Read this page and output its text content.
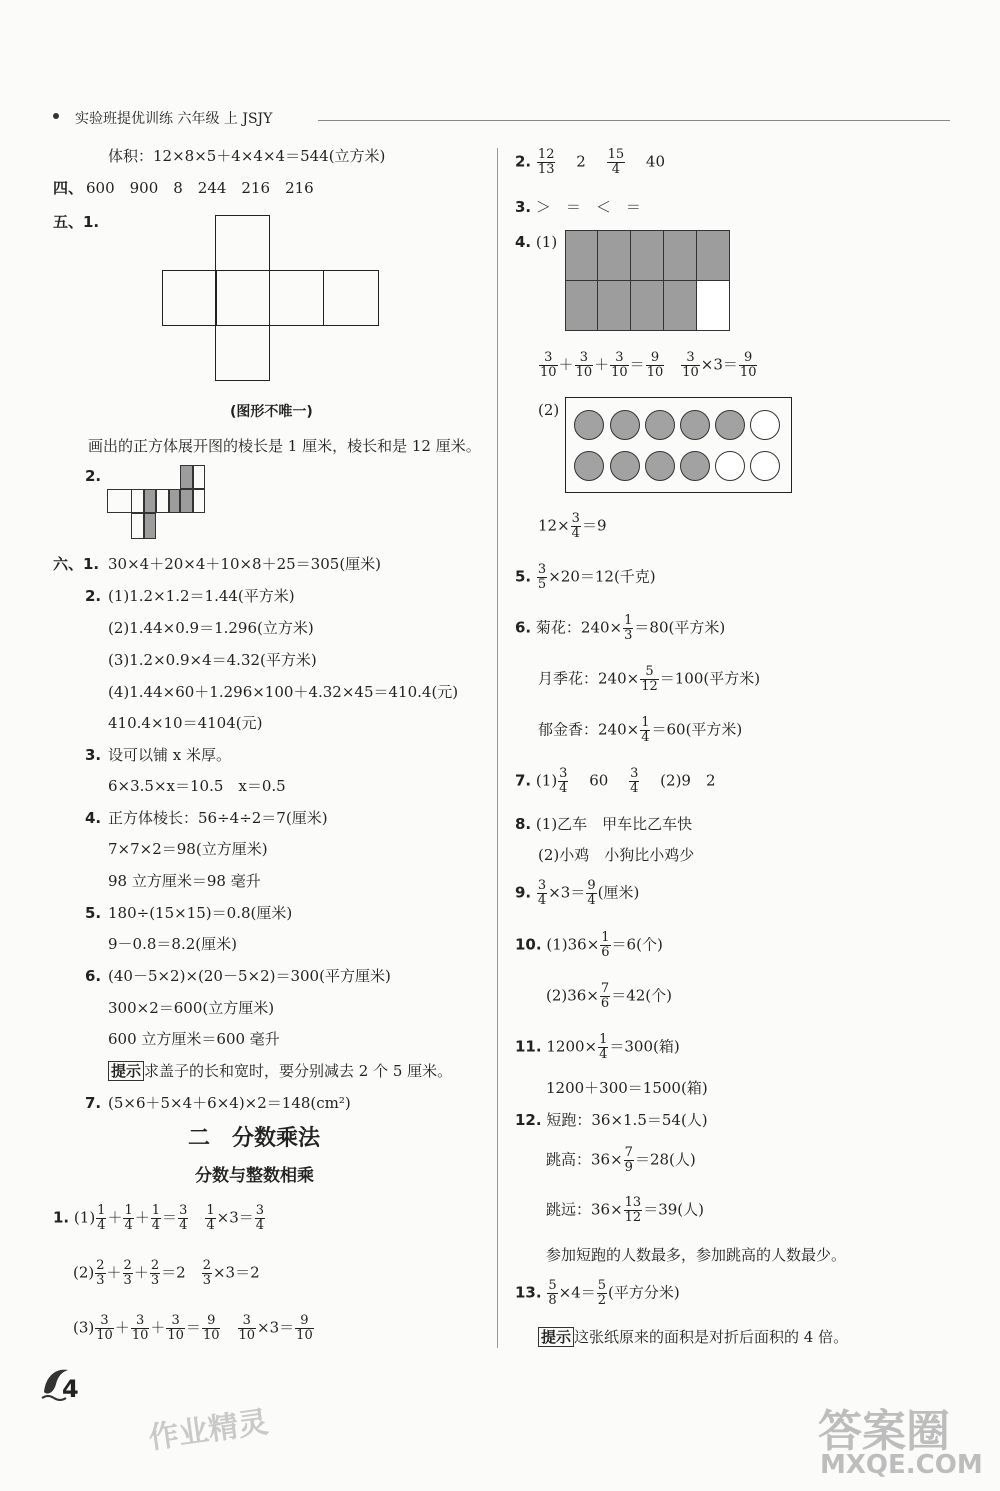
实验班提优训练 六年级 上 JSJY
体积：12×8×5＋4×4×4＝544(立方米)
四、 600　900　8　244　216　216
五、1.
(图形不唯一)
画出的正方体展开图的棱长是 1 厘米，棱长和是 12 厘米。
2.
六、1. 30×4＋20×4＋10×8＋25＝305(厘米)
2. (1)1.2×1.2＝1.44(平方米)
(2)1.44×0.9＝1.296(立方米)
(3)1.2×0.9×4＝4.32(平方米)
(4)1.44×60＋1.296×100＋4.32×45＝410.4(元)
410.4×10＝4104(元)
3. 设可以铺 x 米厚。
6×3.5×x＝10.5　x＝0.5
4. 正方体棱长：56÷4÷2＝7(厘米)
7×7×2＝98(立方厘米)
98 立方厘米＝98 毫升
5. 180÷(15×15)＝0.8(厘米)
9－0.8＝8.2(厘米)
6. (40－5×2)×(20－5×2)＝300(平方厘米)
300×2＝600(立方厘米)
600 立方厘米＝600 毫升
提示 求盖子的长和宽时，要分别减去 2 个 5 厘米。
7. (5×6＋5×4＋6×4)×2＝148(cm²)
二　分数乘法
分数与整数相乘
1. $(1) \frac{1}{4} + \frac{1}{4} + \frac{1}{4} = \frac{3}{4}$
　 $\frac{1}{4} \times 3= \frac{3}{4}$
$(2) \frac{2}{3} + \frac{2}{3} + \frac{2}{3} =2$　 $\frac{2}{3} \times 3=2$
$(3) \frac{3}{10} + \frac{3}{10} + \frac{3}{10} = \frac{9}{10}$
　 $\frac{3}{10} \times 3= \frac{9}{10}$
4
作业精灵
2. $\frac{12}{13}$
　 2　 $\frac{15}{4}$
　 40
3. ＞　＝　＜　＝
4. (1)
$\frac{3}{10} + \frac{3}{10} + \frac{3}{10} = \frac{9}{10}$
　 $\frac{3}{10} \times 3= \frac{9}{10}$
(2)
$12\times \frac{3}{4} =9$
5. $\frac{3}{5} \times 20=12$(千克)
6. 菊花：$240\times \frac{1}{3} =80$(平方米)
月季花：$240\times \frac{5}{12} =100$(平方米)
郁金香：$240\times \frac{1}{4} =60$(平方米)
7. $(1) \frac{3}{4}$
　 60　 $\frac{3}{4}$
　 (2)9　2
8. (1)乙车　甲车比乙车快
(2)小鸡　小狗比小鸡少
9. $\frac{3}{4} \times 3= \frac{9}{4}$ (厘米)
10. $(1)36\times \frac{1}{6} =6$(个)
$(2)36\times \frac{7}{6} =42$(个)
11. $1200\times \frac{1}{4} =300$(箱)
1200＋300＝1500(箱)
12. 短跑：36×1.5＝54(人)
跳高：$36\times \frac{7}{9} =28$(人)
跳远：$36\times \frac{13}{12} =39$(人)
参加短跑的人数最多，参加跳高的人数最少。
13. $\frac{5}{8} \times 4= \frac{5}{2}$ (平方分米)
提示 这张纸原来的面积是对折后面积的 4 倍。
答案圈
MXQE.COM
